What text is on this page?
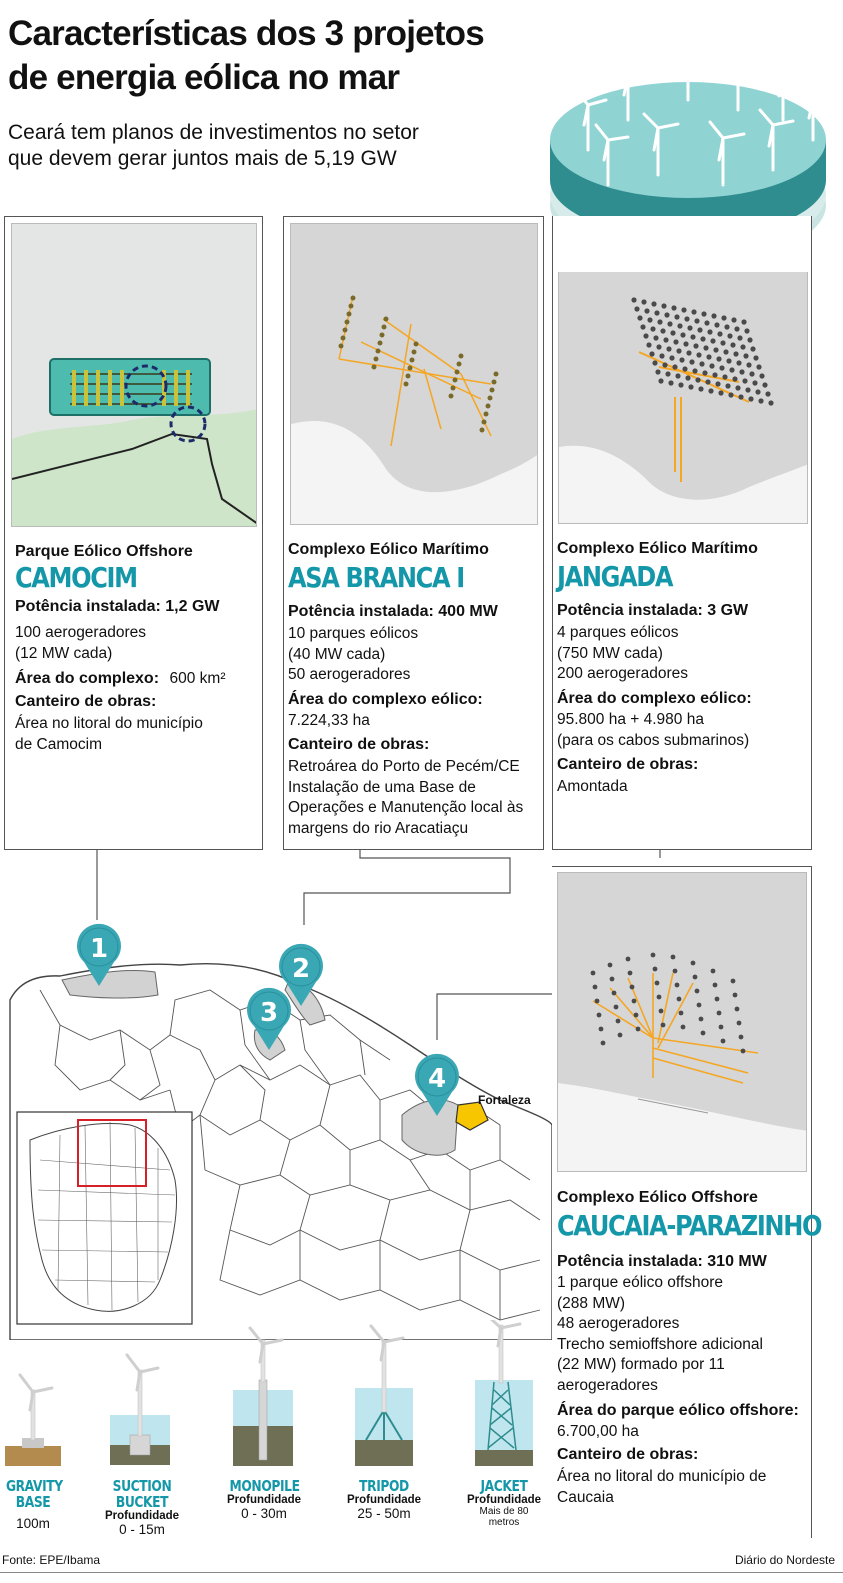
Características dos 3 projetos
de energia eólica no mar
Ceará tem planos de investimentos no setor
que devem gerar juntos mais de 5,19 GW
Parque Eólico Offshore
CAMOCIM
Potência instalada: 1,2 GW
100 aerogeradores
(12 MW cada)
Área do complexo: 600 km²
Canteiro de obras:
Área no litoral do município
de Camocim
Complexo Eólico Marítimo
ASA BRANCA I
Potência instalada: 400 MW
10 parques eólicos
(40 MW cada)
50 aerogeradores
Área do complexo eólico:
7.224,33 ha
Canteiro de obras:
Retroárea do Porto de Pecém/CE
Instalação de uma Base de
Operações e Manutenção local às
margens do rio Aracatiaçu
Complexo Eólico Marítimo
JANGADA
Potência instalada: 3 GW
4 parques eólicos
(750 MW cada)
200 aerogeradores
Área do complexo eólico:
95.800 ha + 4.980 ha
(para os cabos submarinos)
Canteiro de obras:
Amontada
1
2
3
4
Fortaleza
Complexo Eólico Offshore
CAUCAIA-PARAZINHO
Potência instalada: 310 MW
1 parque eólico offshore
(288 MW)
48 aerogeradores
Trecho semioffshore adicional
(22 MW) formado por 11
aerogeradores
Área do parque eólico offshore:
6.700,00 ha
Canteiro de obras:
Área no litoral do município de
Caucaia
GRAVITY
BASE
100m
SUCTION
BUCKET
Profundidade
0 - 15m
MONOPILE
Profundidade
0 - 30m
TRIPOD
Profundidade
25 - 50m
JACKET
Profundidade
Mais de 80 metros
Fonte: EPE/Ibama	Diário do Nordeste
